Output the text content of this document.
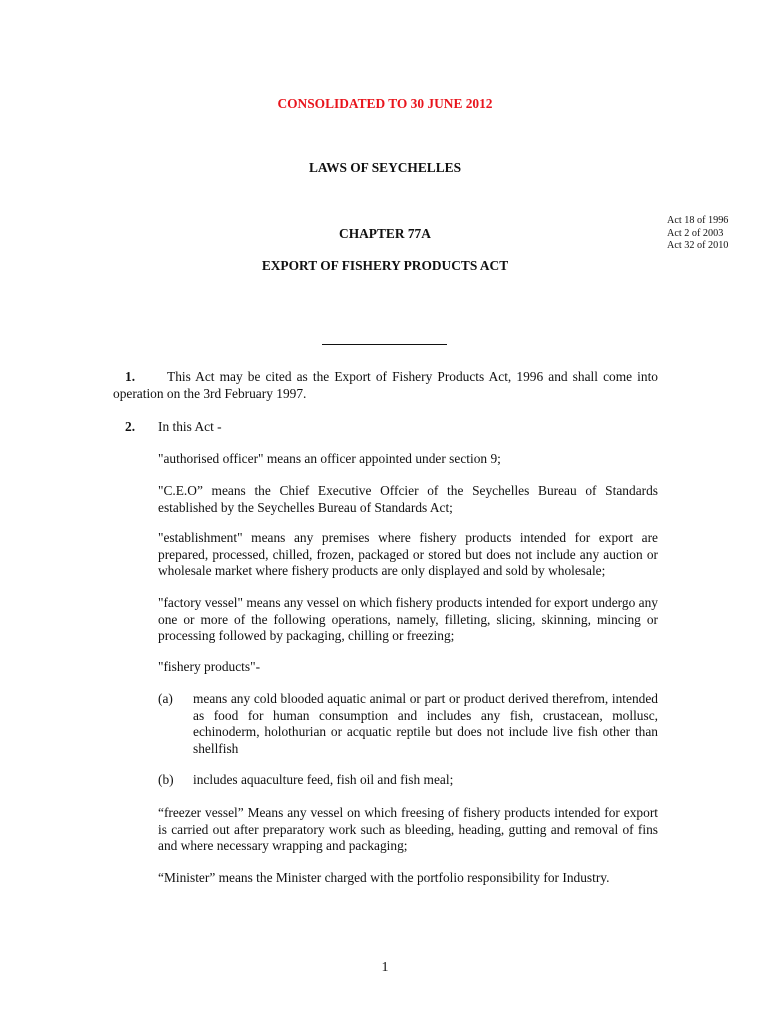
CONSOLIDATED TO 30 JUNE 2012
LAWS OF SEYCHELLES
CHAPTER 77A
EXPORT OF FISHERY PRODUCTS ACT
Act 18 of 1996
Act 2 of 2003
Act 32 of 2010
1. This Act may be cited as the Export of Fishery Products Act, 1996 and shall come into operation on the 3rd February 1997.
2. In this Act -
"authorised officer" means an officer appointed under section 9;
"C.E.O” means the Chief Executive Offcier of the Seychelles Bureau of Standards established by the Seychelles Bureau of Standards Act;
"establishment" means any premises where fishery products intended for export are prepared, processed, chilled, frozen, packaged or stored but does not include any auction or wholesale market where fishery products are only displayed and sold by wholesale;
"factory vessel" means any vessel on which fishery products intended for export undergo any one or more of the following operations, namely, filleting, slicing, skinning, mincing or processing followed by packaging, chilling or freezing;
"fishery products"-
(a) means any cold blooded aquatic animal or part or product derived therefrom, intended as food for human consumption and includes any fish, crustacean, mollusc, echinoderm, holothurian or acquatic reptile but does not include live fish other than shellfish
(b) includes aquaculture feed, fish oil and fish meal;
“freezer vessel” Means any vessel on which freesing of fishery products intended for export is carried out after preparatory work such as bleeding, heading, gutting and removal of fins and where necessary wrapping and packaging;
“Minister” means the Minister charged with the portfolio responsibility for Industry.
1
